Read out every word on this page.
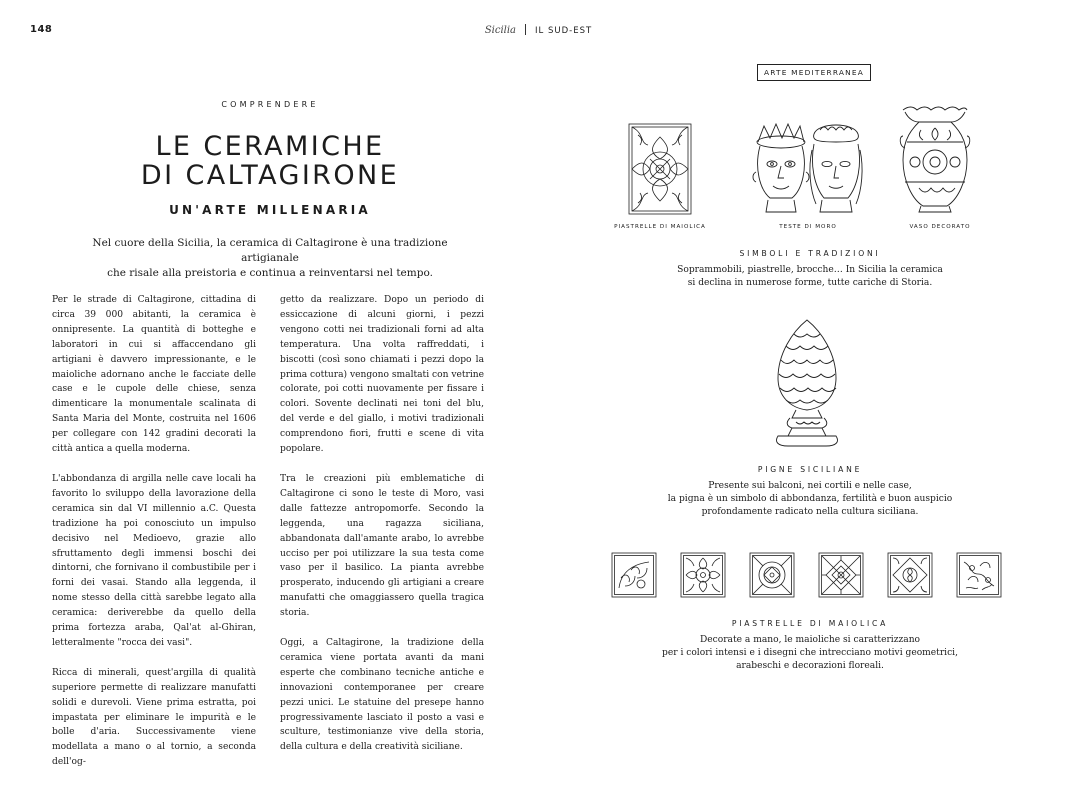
148	Sicilia IL SUD-EST
COMPRENDERE
LE CERAMICHE
DI CALTAGIRONE
UN'ARTE MILLENARIA
Nel cuore della Sicilia, la ceramica di Caltagirone è una tradizione artigianale
che risale alla preistoria e continua a reinventarsi nel tempo.

Per le strade di Caltagirone, cittadina di circa 39 000 abitanti, la ceramica è onnipresente. La quantità di botteghe e laboratori in cui si affaccendano gli artigiani è davvero impressionante, e le maioliche adornano anche le facciate delle case e le cupole delle chiese, senza dimenticare la monumentale scalinata di Santa Maria del Monte, costruita nel 1606 per collegare con 142 gradini decorati la città antica a quella moderna.

L'abbondanza di argilla nelle cave locali ha favorito lo sviluppo della lavorazione della ceramica sin dal VI millennio a.C. Questa tradizione ha poi conosciuto un impulso decisivo nel Medioevo, grazie allo sfruttamento degli immensi boschi dei dintorni, che fornivano il combustibile per i forni dei vasai. Stando alla leggenda, il nome stesso della città sarebbe legato alla ceramica: deriverebbe da quello della prima fortezza araba, Qal'at al-Ghiran, letteralmente "rocca dei vasi".

Ricca di minerali, quest'argilla di qualità superiore permette di realizzare manufatti solidi e durevoli. Viene prima estratta, poi impastata per eliminare le impurità e le bolle d'aria. Successivamente viene modellata a mano o al tornio, a seconda dell'og-

getto da realizzare. Dopo un periodo di essiccazione di alcuni giorni, i pezzi vengono cotti nei tradizionali forni ad alta temperatura. Una volta raffreddati, i biscotti (così sono chiamati i pezzi dopo la prima cottura) vengono smaltati con vetrine colorate, poi cotti nuovamente per fissare i colori. Sovente declinati nei toni del blu, del verde e del giallo, i motivi tradizionali comprendono fiori, frutti e scene di vita popolare.

Tra le creazioni più emblematiche di Caltagirone ci sono le teste di Moro, vasi dalle fattezze antropomorfe. Secondo la leggenda, una ragazza siciliana, abbandonata dall'amante arabo, lo avrebbe ucciso per poi utilizzare la sua testa come vaso per il basilico. La pianta avrebbe prosperato, inducendo gli artigiani a creare manufatti che omaggiassero quella tragica storia.

Oggi, a Caltagirone, la tradizione della ceramica viene portata avanti da mani esperte che combinano tecniche antiche e innovazioni contemporanee per creare pezzi unici. Le statuine del presepe hanno progressivamente lasciato il posto a vasi e sculture, testimonianze vive della storia, della cultura e della creatività siciliane.

ARTE MEDITERRANEA
PIASTRELLE DI MAIOLICA	TESTE DI MORO	VASO DECORATO
SIMBOLI E TRADIZIONI
Soprammobili, piastrelle, brocche… In Sicilia la ceramica
si declina in numerose forme, tutte cariche di Storia.
PIGNE SICILIANE
Presente sui balconi, nei cortili e nelle case,
la pigna è un simbolo di abbondanza, fertilità e buon auspicio
profondamente radicato nella cultura siciliana.
PIASTRELLE DI MAIOLICA
Decorate a mano, le maioliche si caratterizzano
per i colori intensi e i disegni che intrecciano motivi geometrici,
arabeschi e decorazioni floreali.
